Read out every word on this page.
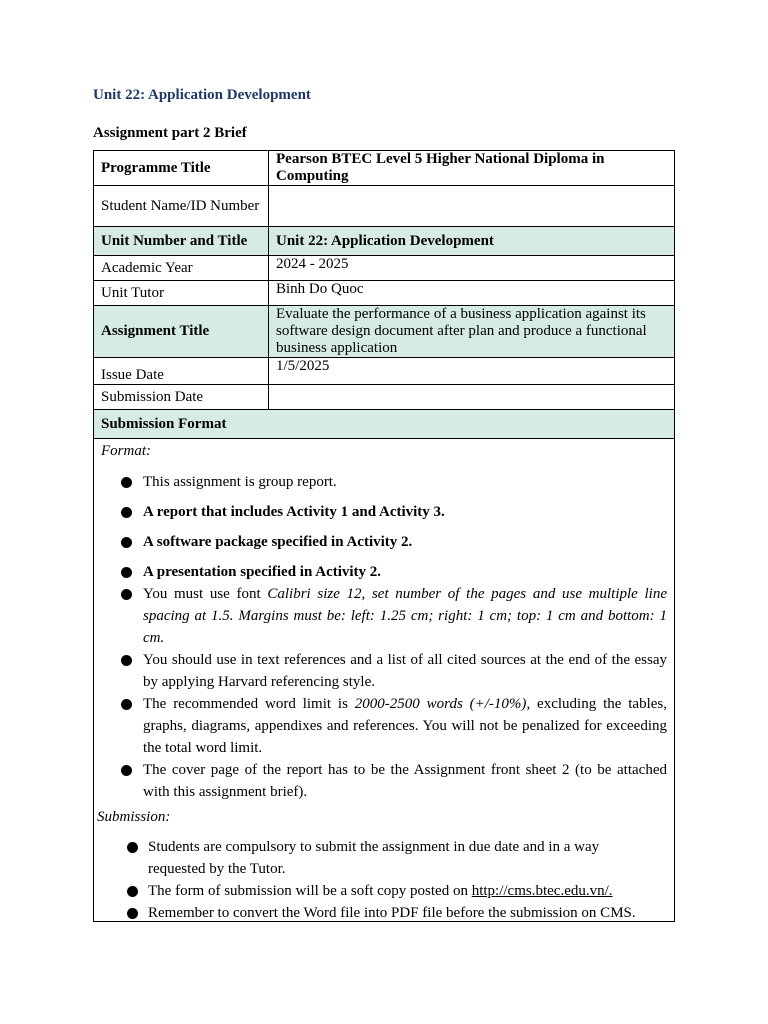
Unit 22: Application Development
Assignment part 2 Brief
Programme Title	Pearson BTEC Level 5 Higher National Diploma in Computing
Student Name/ID Number	
Unit Number and Title	Unit 22: Application Development
Academic Year	2024 - 2025
Unit Tutor	Binh Do Quoc
Assignment Title	Evaluate the performance of a business application against its software design document after plan and produce a functional business application
Issue Date	1/5/2025
Submission Date	
Submission Format	
Format:
This assignment is group report.
A report that includes Activity 1 and Activity 3.
A software package specified in Activity 2.
A presentation specified in Activity 2.
You must use font Calibri size 12, set number of the pages and use multiple line spacing at 1.5. Margins must be: left: 1.25 cm; right: 1 cm; top: 1 cm and bottom: 1 cm.
You should use in text references and a list of all cited sources at the end of the essay by applying Harvard referencing style.
The recommended word limit is 2000-2500 words (+/-10%), excluding the tables, graphs, diagrams, appendixes and references. You will not be penalized for exceeding the total word limit.
The cover page of the report has to be the Assignment front sheet 2 (to be attached with this assignment brief).
Submission:
Students are compulsory to submit the assignment in due date and in a way requested by the Tutor.
The form of submission will be a soft copy posted on http://cms.btec.edu.vn/.
Remember to convert the Word file into PDF file before the submission on CMS.
